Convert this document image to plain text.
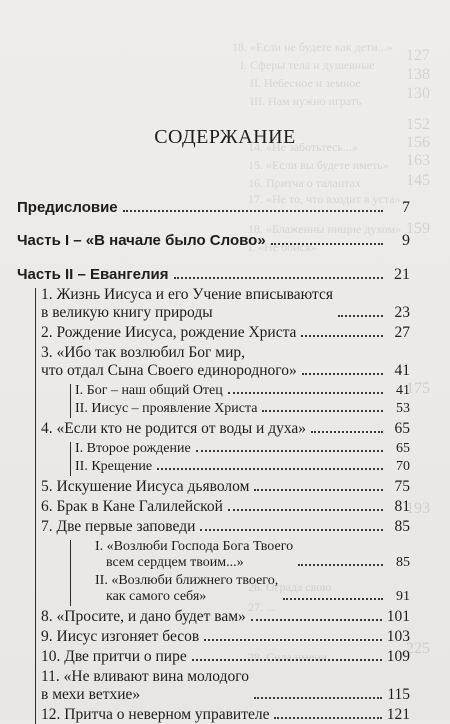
18. «Если не будете как дети...»
I. Сферы тела и душевные
II. Небесное и земное
III. Нам нужно играть
14. «Не заботьтесь...»
15. «Если вы будете иметь»
16. Притча о талантах
17. «Не то, что входит в уста»
18. «Блаженны нищие духом»
I. «Не бойся»
26. Ограда свою
27. ...
28. Сила имени
127
138
130
152
156
163
145
159
175
193
225
СОДЕРЖАНИЕ
Предисловие	7
Часть I – «В начале было Слово»	9
Часть II – Евангелия	21
1. Жизнь Иисуса и его Учение вписываются
в великую книгу природы	23
2. Рождение Иисуса, рождение Христа	27
3. «Ибо так возлюбил Бог мир,
что отдал Сына Своего единородного»	41
I. Бог – наш общий Отец	41
II. Иисус – проявление Христа	53
4. «Если кто не родится от воды и духа»	65
I. Второе рождение	65
II. Крещение	70
5. Искушение Иисуса дьяволом	75
6. Брак в Кане Галилейской	81
7. Две первые заповеди	85
I. «Возлюби Господа Бога Твоего
всем сердцем твоим...»	85
II. «Возлюби ближнего твоего,
как самого себя»	91
8. «Просите, и дано будет вам»	101
9. Иисус изгоняет бесов	103
10. Две притчи о пире	109
11. «Не вливают вина молодого
в мехи ветхие»	115
12. Притча о неверном управителе	121
